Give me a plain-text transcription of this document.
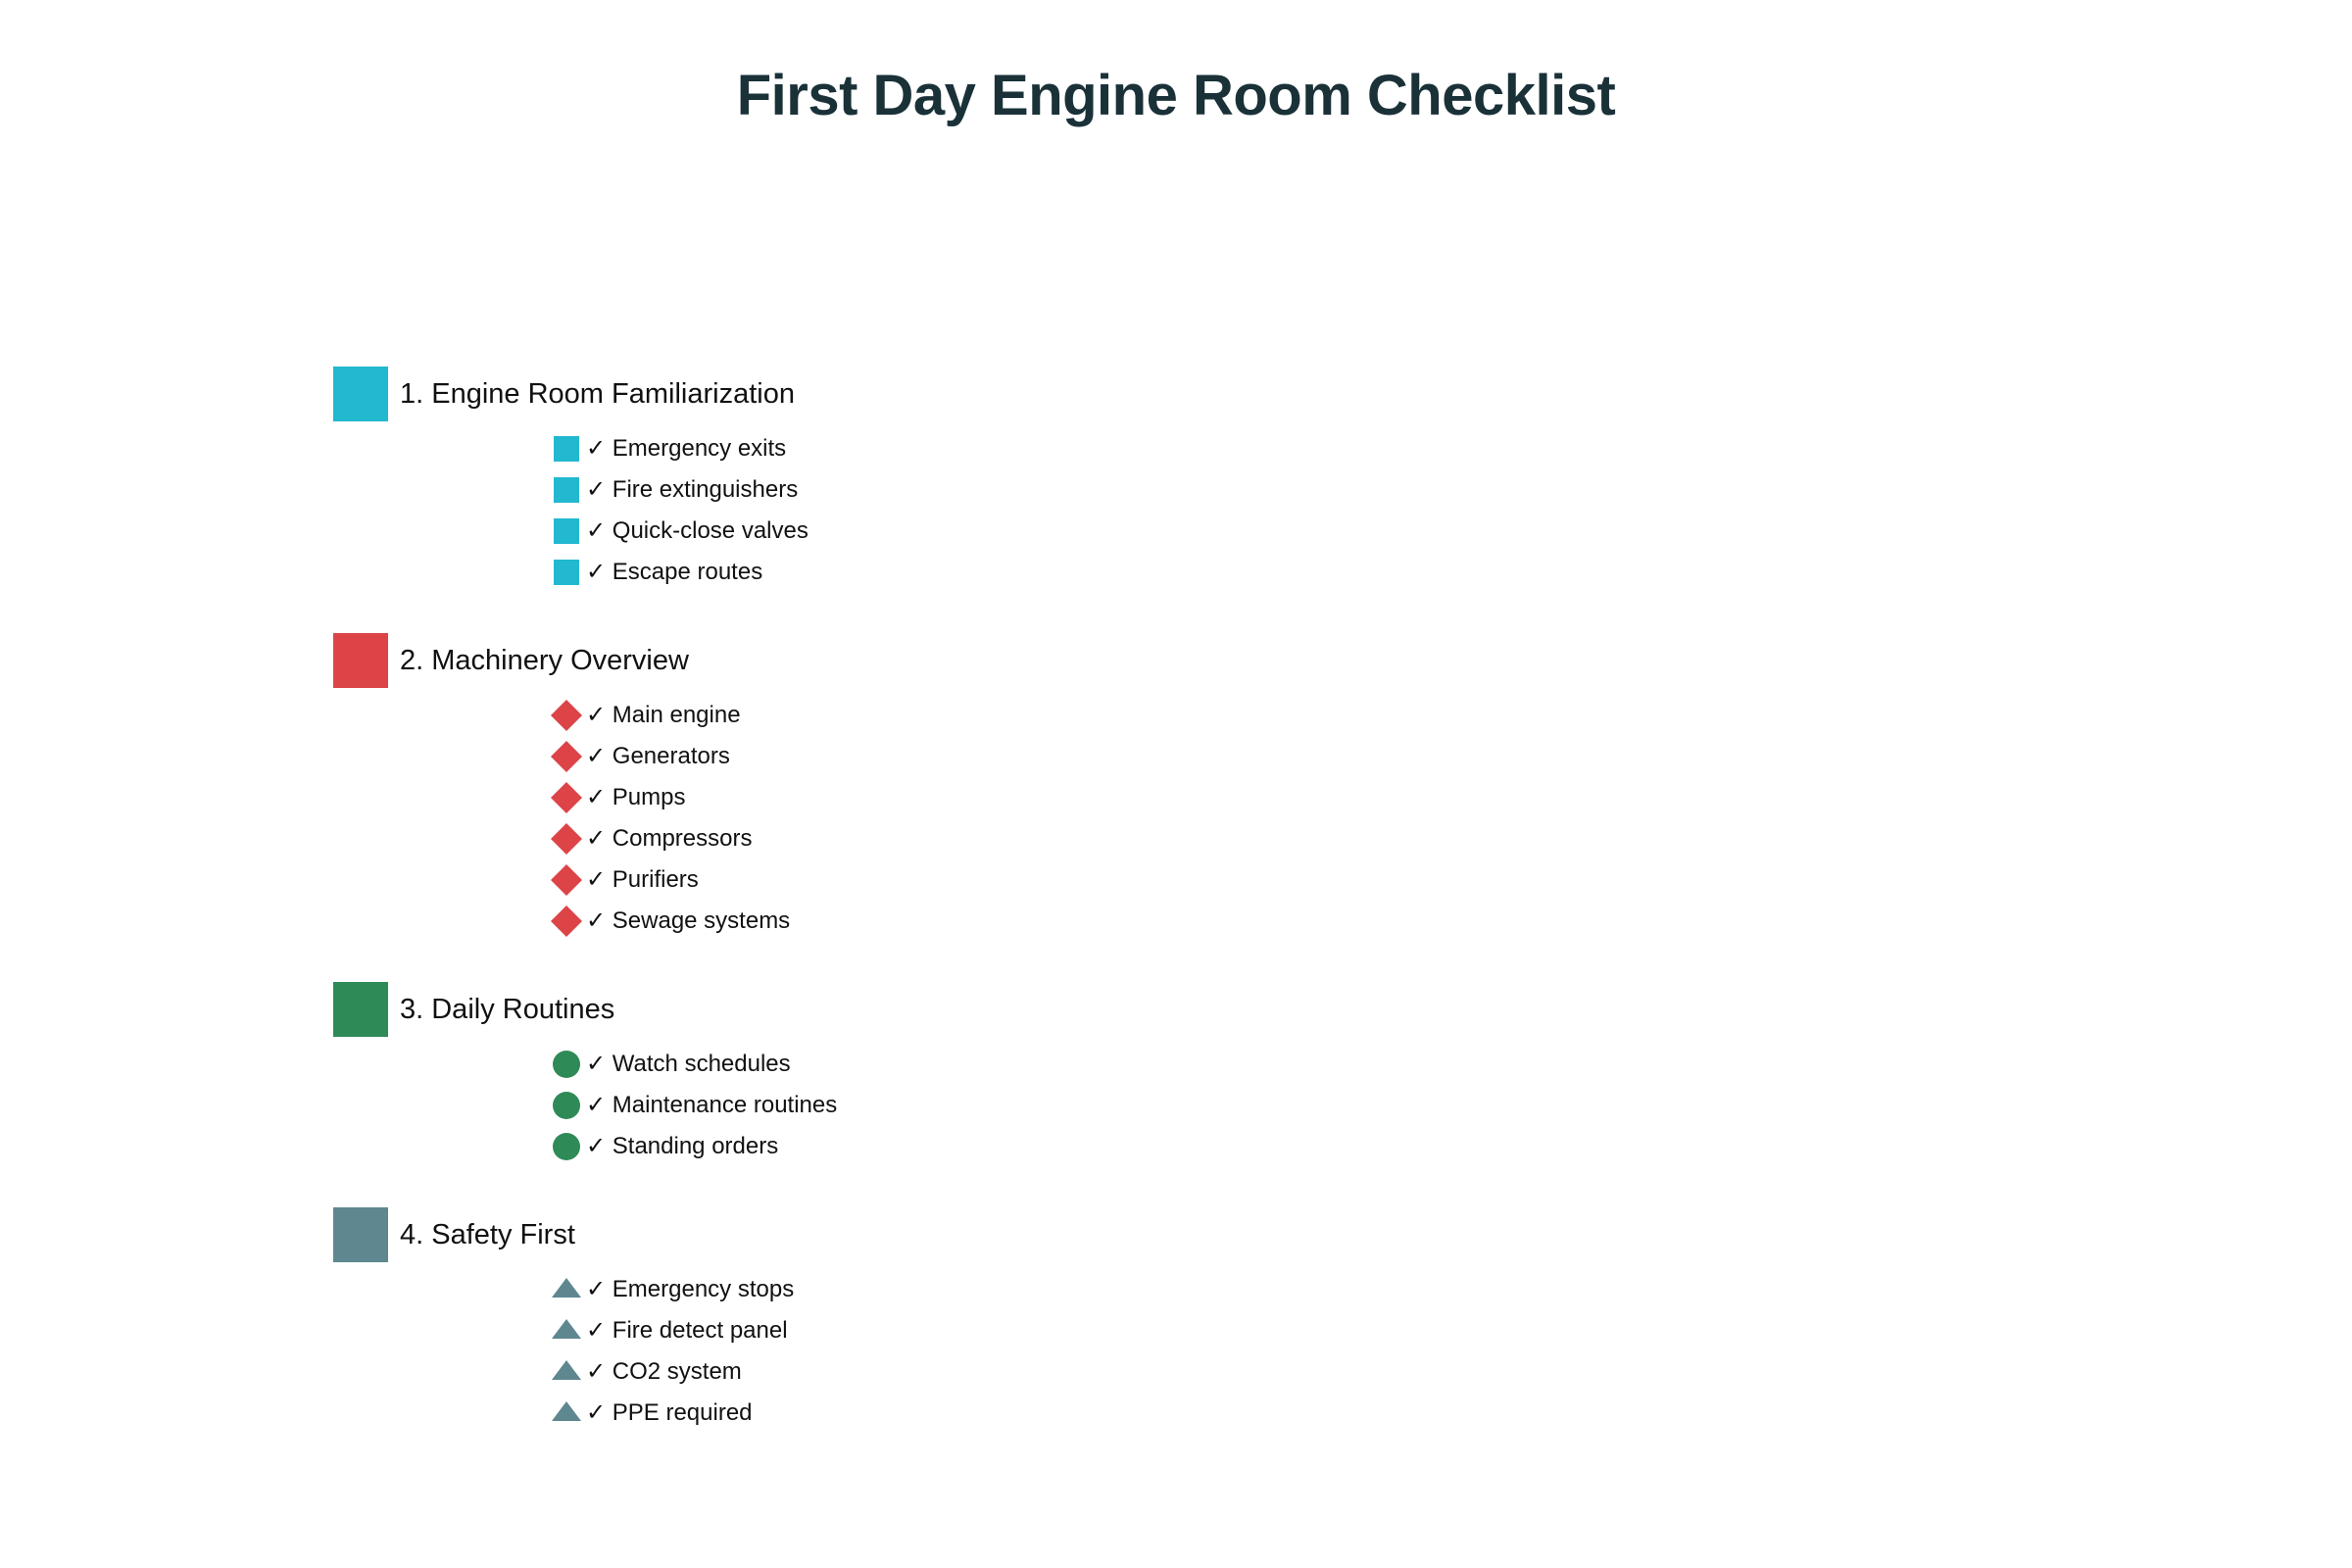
First Day Engine Room Checklist
1. Engine Room Familiarization
✓ Emergency exits
✓ Fire extinguishers
✓ Quick-close valves
✓ Escape routes
2. Machinery Overview
✓ Main engine
✓ Generators
✓ Pumps
✓ Compressors
✓ Purifiers
✓ Sewage systems
3. Daily Routines
✓ Watch schedules
✓ Maintenance routines
✓ Standing orders
4. Safety First
✓ Emergency stops
✓ Fire detect panel
✓ CO2 system
✓ PPE required
